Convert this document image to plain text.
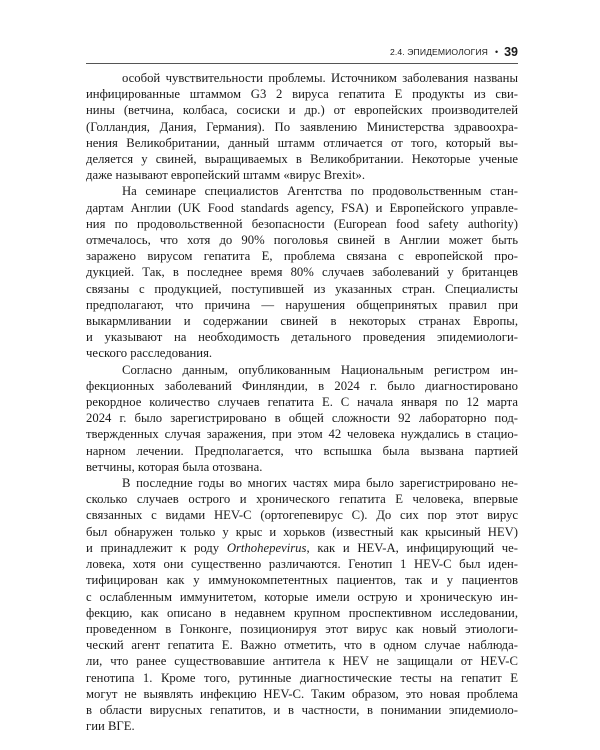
2.4. ЭПИДЕМИОЛОГИЯ • 39
особой чувствительности проблемы. Источником заболевания названы
инфицированные штаммом G3 2 вируса гепатита Е продукты из сви-
нины (ветчина, колбаса, сосиски и др.) от европейских производителей
(Голландия, Дания, Германия). По заявлению Министерства здравоохра-
нения Великобритании, данный штамм отличается от того, который вы-
деляется у свиней, выращиваемых в Великобритании. Некоторые ученые
даже называют европейский штамм «вирус Brexit».
На семинаре специалистов Агентства по продовольственным стан-
дартам Англии (UK Food standards agency, FSA) и Европейского управле-
ния по продовольственной безопасности (European food safety authority)
отмечалось, что хотя до 90% поголовья свиней в Англии может быть
заражено вирусом гепатита Е, проблема связана с европейской про-
дукцией. Так, в последнее время 80% случаев заболеваний у британцев
связаны с продукцией, поступившей из указанных стран. Специалисты
предполагают, что причина — нарушения общепринятых правил при
выкармливании и содержании свиней в некоторых странах Европы,
и указывают на необходимость детального проведения эпидемиологи-
ческого расследования.
Согласно данным, опубликованным Национальным регистром ин-
фекционных заболеваний Финляндии, в 2024 г. было диагностировано
рекордное количество случаев гепатита Е. С начала января по 12 марта
2024 г. было зарегистрировано в общей сложности 92 лабораторно под-
твержденных случая заражения, при этом 42 человека нуждались в стацио-
нарном лечении. Предполагается, что вспышка была вызвана партией
ветчины, которая была отозвана.
В последние годы во многих частях мира было зарегистрировано не-
сколько случаев острого и хронического гепатита Е человека, впервые
связанных с видами HEV-C (ортогепевирус С). До сих пор этот вирус
был обнаружен только у крыс и хорьков (известный как крысиный HEV)
и принадлежит к роду Orthohepevirus, как и HEV-A, инфицирующий че-
ловека, хотя они существенно различаются. Генотип 1 HEV-C был иден-
тифицирован как у иммунокомпетентных пациентов, так и у пациентов
с ослабленным иммунитетом, которые имели острую и хроническую ин-
фекцию, как описано в недавнем крупном проспективном исследовании,
проведенном в Гонконге, позиционируя этот вирус как новый этиологи-
ческий агент гепатита Е. Важно отметить, что в одном случае наблюда-
ли, что ранее существовавшие антитела к HEV не защищали от HEV-C
генотипа 1. Кроме того, рутинные диагностические тесты на гепатит Е
могут не выявлять инфекцию HEV-C. Таким образом, это новая проблема
в области вирусных гепатитов, и в частности, в понимании эпидемиоло-
гии ВГЕ.
